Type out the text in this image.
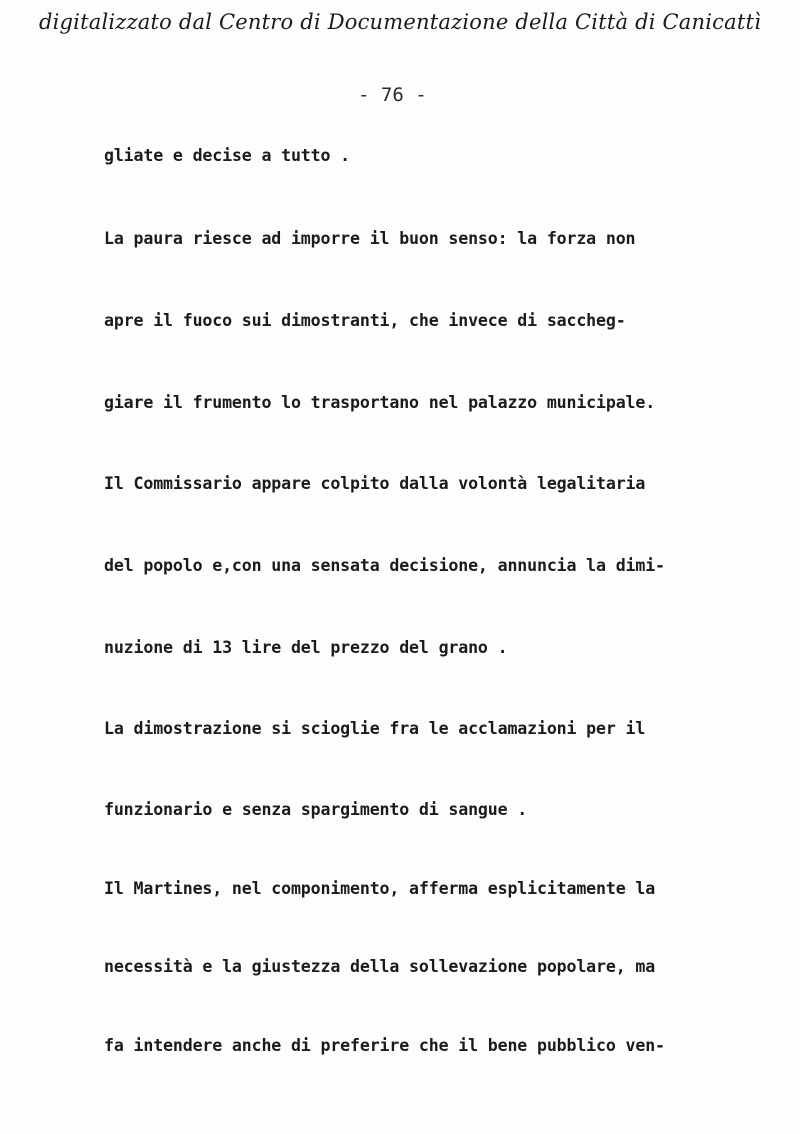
digitalizzato dal Centro di Documentazione della Città di Canicattì
- 76 -
gliate e decise a tutto .
La paura riesce ad imporre il buon senso: la forza non
apre il fuoco sui dimostranti, che invece di saccheg-
giare il frumento lo trasportano nel palazzo municipale.
Il Commissario appare colpito dalla volontà legalitaria
del popolo e,con una sensata decisione, annuncia la dimi-
nuzione di 13 lire del prezzo del grano .
La dimostrazione si scioglie fra le acclamazioni per il
funzionario e senza spargimento di sangue .
Il Martines, nel componimento, afferma esplicitamente la
necessità e la giustezza della sollevazione popolare, ma
fa intendere anche di preferire che il bene pubblico ven-
